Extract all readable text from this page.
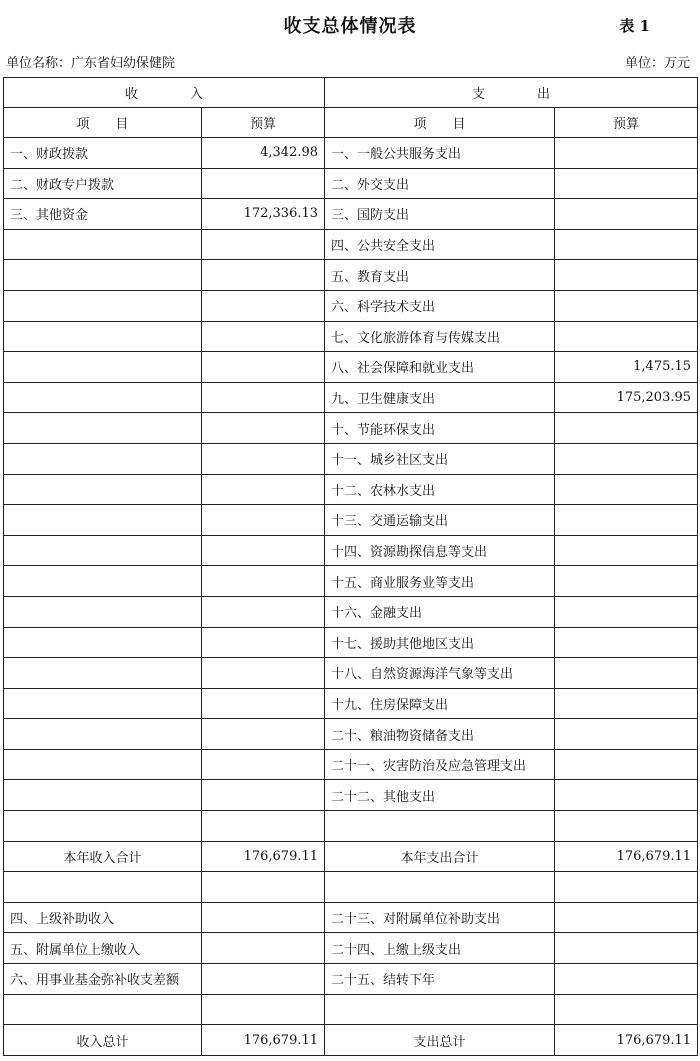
收支总体情况表	表 1
单位名称：广东省妇幼保健院	单位：万元
收　　　　入		支　　　　出	
项　　目	预算	项　　目	预算
一、财政拨款	4,342.98	一、一般公共服务支出	
二、财政专户拨款		二、外交支出	
三、其他资金	172,336.13	三、国防支出	
		四、公共安全支出	
		五、教育支出	
		六、科学技术支出	
		七、文化旅游体育与传媒支出	
		八、社会保障和就业支出	1,475.15
		九、卫生健康支出	175,203.95
		十、节能环保支出	
		十一、城乡社区支出	
		十二、农林水支出	
		十三、交通运输支出	
		十四、资源勘探信息等支出	
		十五、商业服务业等支出	
		十六、金融支出	
		十七、援助其他地区支出	
		十八、自然资源海洋气象等支出	
		十九、住房保障支出	
		二十、粮油物资储备支出	
		二十一、灾害防治及应急管理支出	
		二十二、其他支出	

本年收入合计	176,679.11	本年支出合计	176,679.11

四、上级补助收入		二十三、对附属单位补助支出	
五、附属单位上缴收入		二十四、上缴上级支出	
六、用事业基金弥补收支差额		二十五、结转下年	

收入总计	176,679.11	支出总计	176,679.11
